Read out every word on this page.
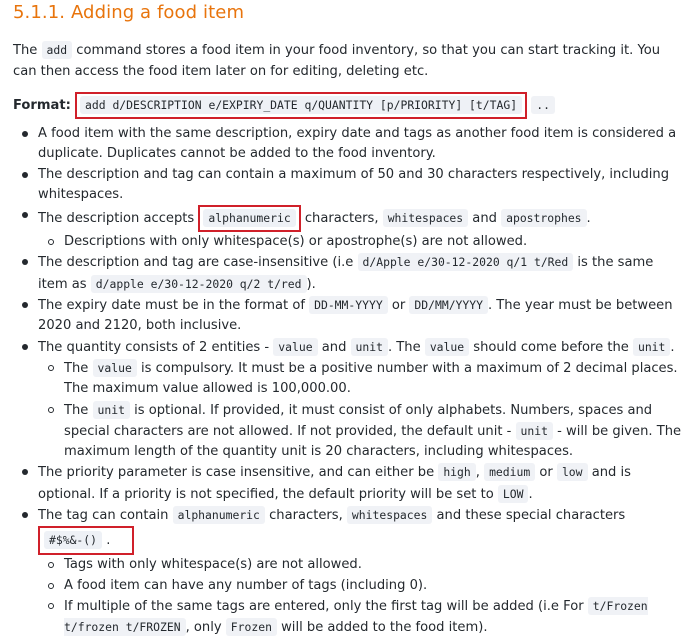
5.1.1. Adding a food item
The add command stores a food item in your food inventory, so that you can start tracking it. You can then access the food item later on for editing, deleting etc.
Format: add d/DESCRIPTION e/EXPIRY_DATE q/QUANTITY [p/PRIORITY] [t/TAG] ..
A food item with the same description, expiry date and tags as another food item is considered a duplicate. Duplicates cannot be added to the food inventory.
The description and tag can contain a maximum of 50 and 30 characters respectively, including whitespaces.
The description accepts alphanumeric characters, whitespaces and apostrophes .
Descriptions with only whitespace(s) or apostrophe(s) are not allowed.
The description and tag are case-insensitive (i.e d/Apple e/30-12-2020 q/1 t/Red is the same item as d/apple e/30-12-2020 q/2 t/red ).
The expiry date must be in the format of DD-MM-YYYY or DD/MM/YYYY . The year must be between 2020 and 2120, both inclusive.
The quantity consists of 2 entities - value and unit . The value should come before the unit .
The value is compulsory. It must be a positive number with a maximum of 2 decimal places. The maximum value allowed is 100,000.00.
The unit is optional. If provided, it must consist of only alphabets. Numbers, spaces and special characters are not allowed. If not provided, the default unit - unit - will be given. The maximum length of the quantity unit is 20 characters, including whitespaces.
The priority parameter is case insensitive, and can either be high , medium or low and is optional. If a priority is not specified, the default priority will be set to LOW .
The tag can contain alphanumeric characters, whitespaces and these special characters #$%&-() .
Tags with only whitespace(s) are not allowed.
A food item can have any number of tags (including 0).
If multiple of the same tags are entered, only the first tag will be added (i.e For t/Frozen t/frozen t/FROZEN , only Frozen will be added to the food item).
